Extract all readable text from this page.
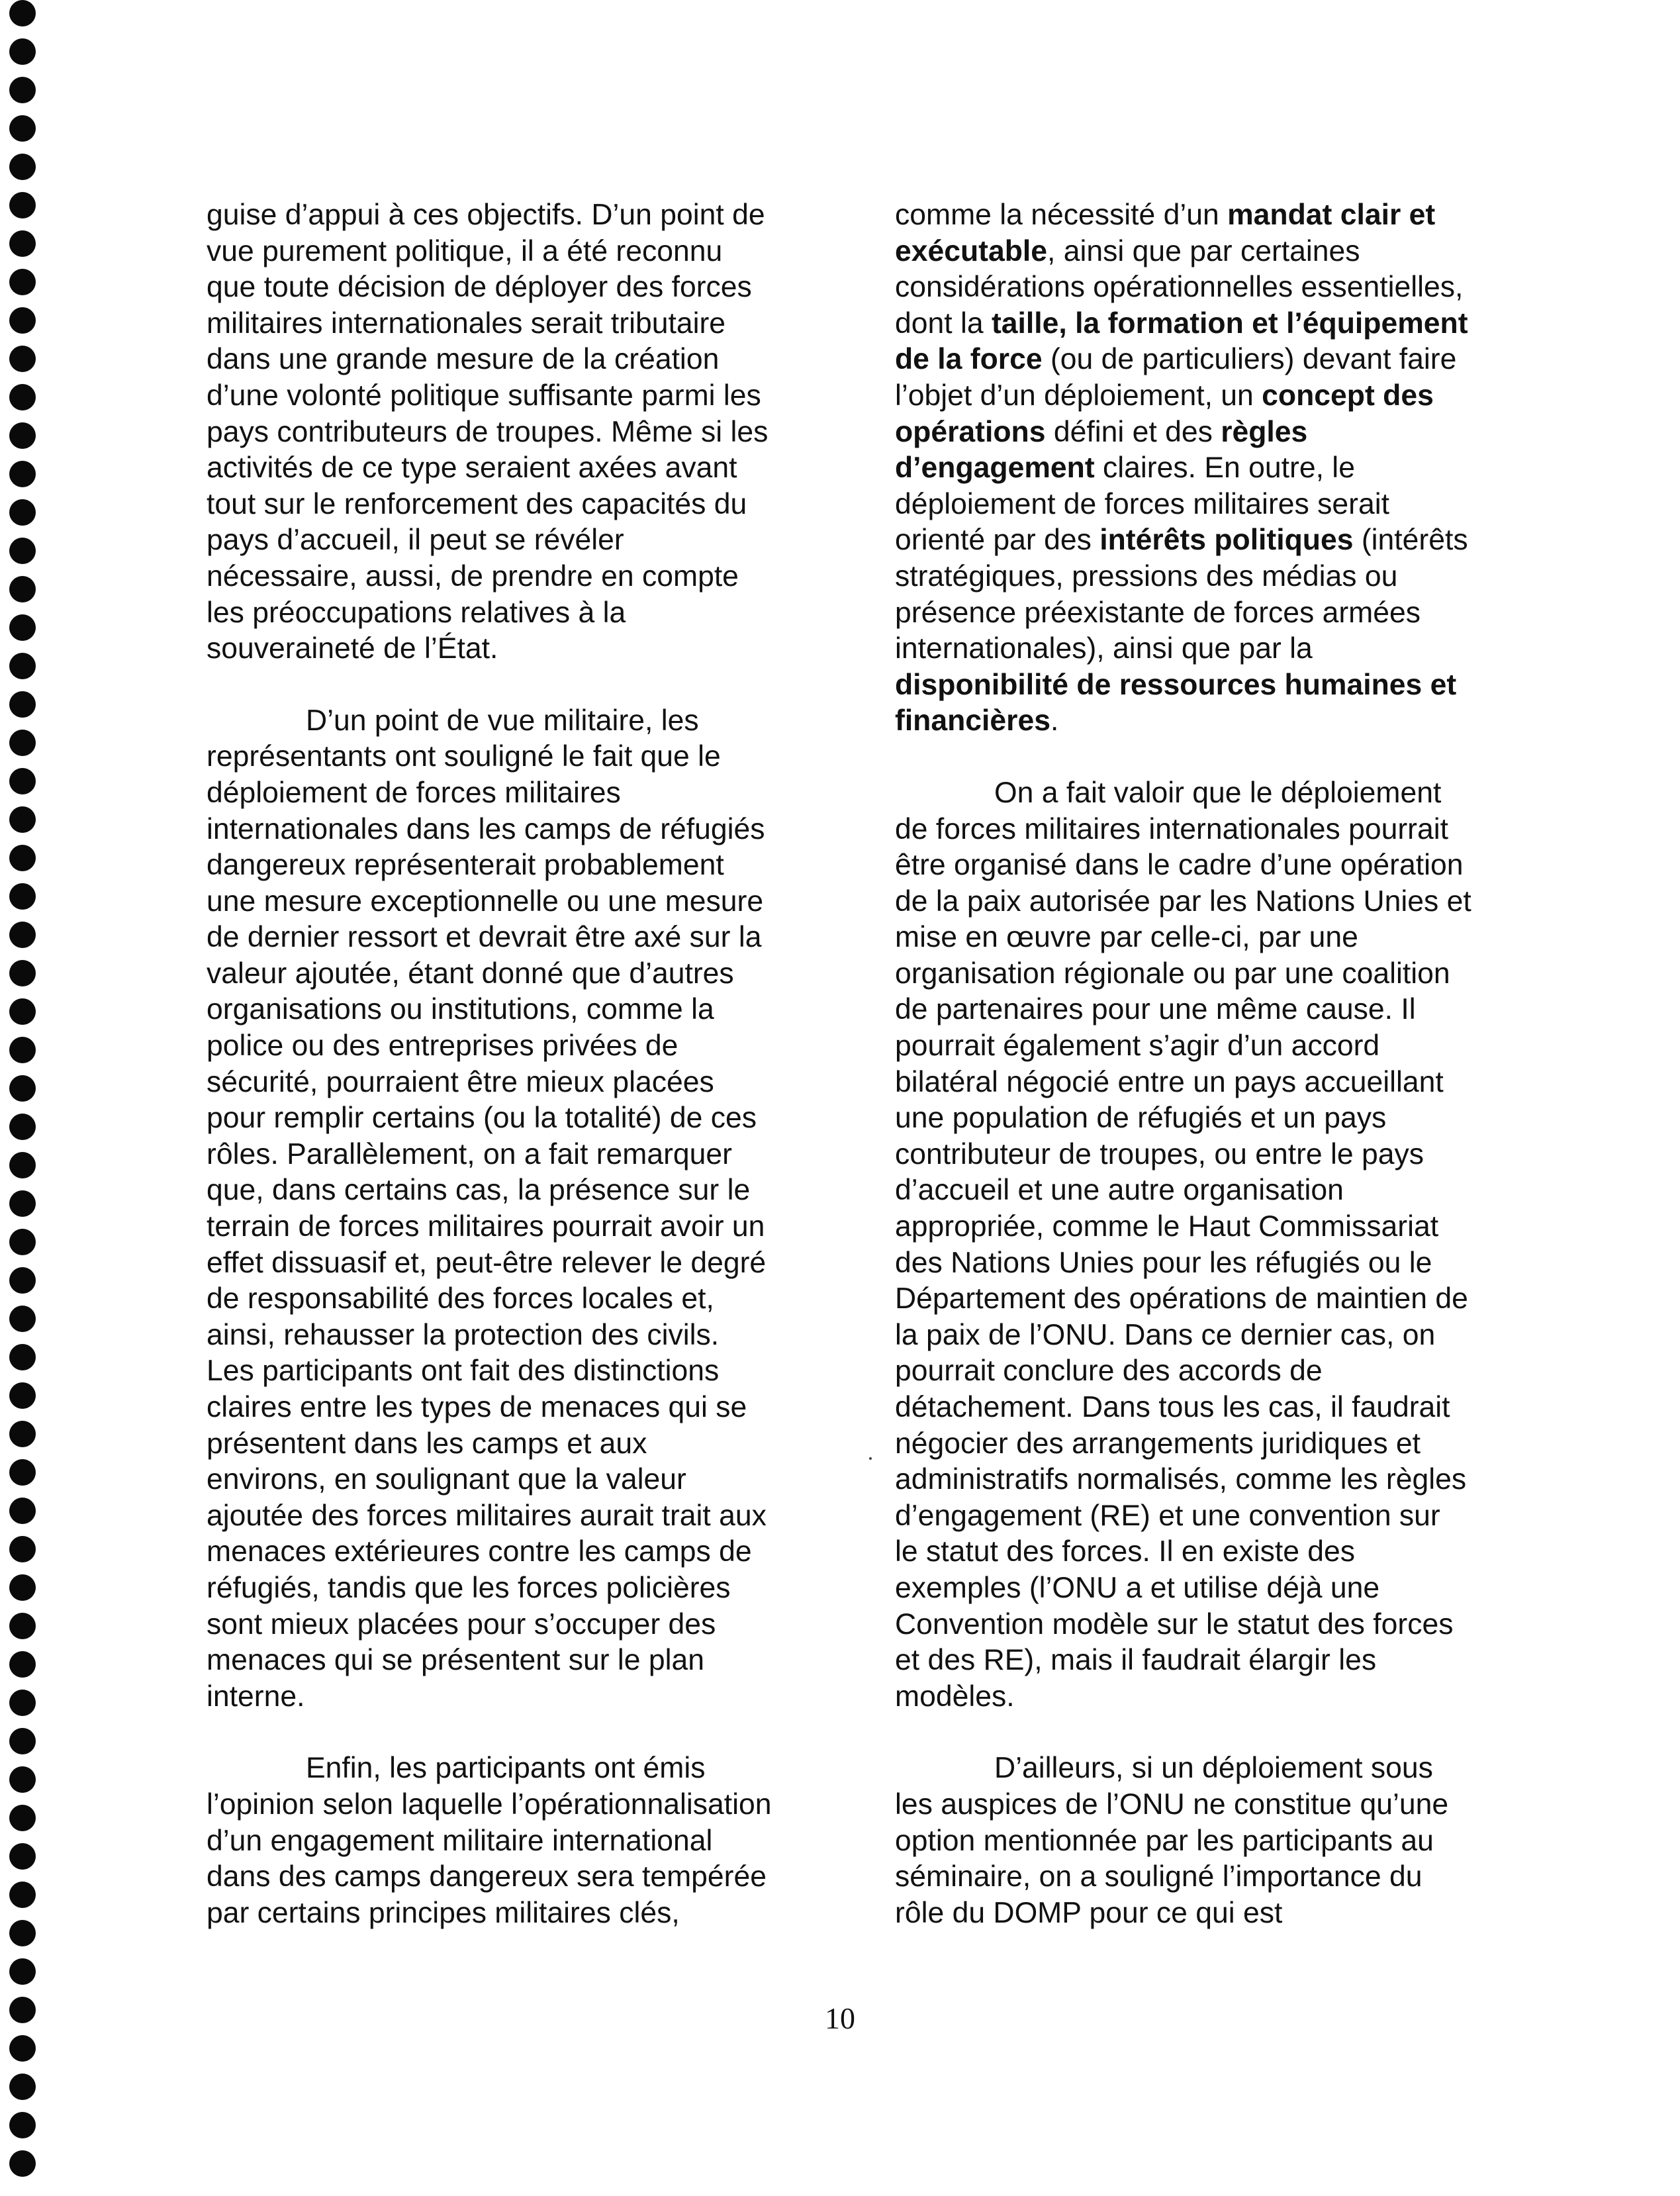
guise d’appui à ces objectifs. D’un point de
vue purement politique, il a été reconnu
que toute décision de déployer des forces
militaires internationales serait tributaire
dans une grande mesure de la création
d’une volonté politique suffisante parmi les
pays contributeurs de troupes. Même si les
activités de ce type seraient axées avant
tout sur le renforcement des capacités du
pays d’accueil, il peut se révéler
nécessaire, aussi, de prendre en compte
les préoccupations relatives à la
souveraineté de l’État.
D’un point de vue militaire, les
représentants ont souligné le fait que le
déploiement de forces militaires
internationales dans les camps de réfugiés
dangereux représenterait probablement
une mesure exceptionnelle ou une mesure
de dernier ressort et devrait être axé sur la
valeur ajoutée, étant donné que d’autres
organisations ou institutions, comme la
police ou des entreprises privées de
sécurité, pourraient être mieux placées
pour remplir certains (ou la totalité) de ces
rôles. Parallèlement, on a fait remarquer
que, dans certains cas, la présence sur le
terrain de forces militaires pourrait avoir un
effet dissuasif et, peut-être relever le degré
de responsabilité des forces locales et,
ainsi, rehausser la protection des civils.
Les participants ont fait des distinctions
claires entre les types de menaces qui se
présentent dans les camps et aux
environs, en soulignant que la valeur
ajoutée des forces militaires aurait trait aux
menaces extérieures contre les camps de
réfugiés, tandis que les forces policières
sont mieux placées pour s’occuper des
menaces qui se présentent sur le plan
interne.
Enfin, les participants ont émis
l’opinion selon laquelle l’opérationnalisation
d’un engagement militaire international
dans des camps dangereux sera tempérée
par certains principes militaires clés,
comme la nécessité d’un mandat clair et
exécutable, ainsi que par certaines
considérations opérationnelles essentielles,
dont la taille, la formation et l’équipement
de la force (ou de particuliers) devant faire
l’objet d’un déploiement, un concept des
opérations défini et des règles
d’engagement claires. En outre, le
déploiement de forces militaires serait
orienté par des intérêts politiques (intérêts
stratégiques, pressions des médias ou
présence préexistante de forces armées
internationales), ainsi que par la
disponibilité de ressources humaines et
financières.
On a fait valoir que le déploiement
de forces militaires internationales pourrait
être organisé dans le cadre d’une opération
de la paix autorisée par les Nations Unies et
mise en œuvre par celle-ci, par une
organisation régionale ou par une coalition
de partenaires pour une même cause. Il
pourrait également s’agir d’un accord
bilatéral négocié entre un pays accueillant
une population de réfugiés et un pays
contributeur de troupes, ou entre le pays
d’accueil et une autre organisation
appropriée, comme le Haut Commissariat
des Nations Unies pour les réfugiés ou le
Département des opérations de maintien de
la paix de l’ONU. Dans ce dernier cas, on
pourrait conclure des accords de
détachement. Dans tous les cas, il faudrait
négocier des arrangements juridiques et
administratifs normalisés, comme les règles
d’engagement (RE) et une convention sur
le statut des forces. Il en existe des
exemples (l’ONU a et utilise déjà une
Convention modèle sur le statut des forces
et des RE), mais il faudrait élargir les
modèles.
D’ailleurs, si un déploiement sous
les auspices de l’ONU ne constitue qu’une
option mentionnée par les participants au
séminaire, on a souligné l’importance du
rôle du DOMP pour ce qui est
10
